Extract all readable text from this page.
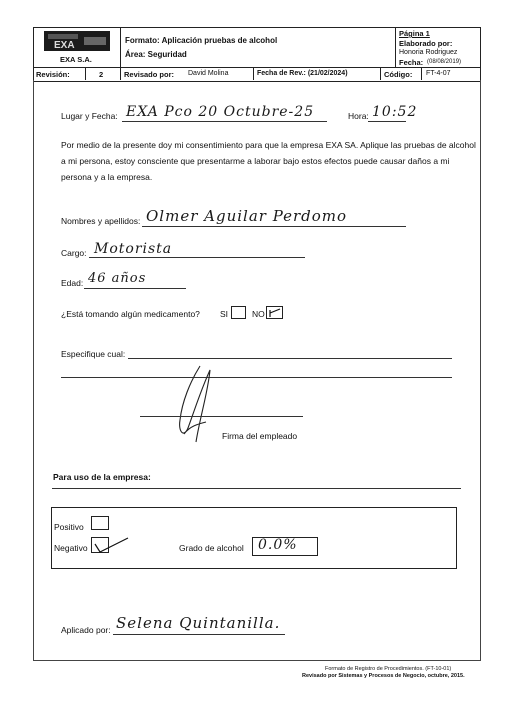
EXA
EXA S.A.
Formato: Aplicación pruebas de alcohol
Área: Seguridad
Página 1
Elaborado por:
Honoria Rodriguez
Fecha: (08/08/2019)
Revisión:	2	Revisado por: David Molina	Fecha de Rev.: (21/02/2024)	Código: FT-4-07
Lugar y Fecha: EXA Pco 20 Octubre-25	Hora: 10:52
Por medio de la presente doy mi consentimiento para que la empresa EXA SA. Aplique las pruebas de alcohol a mi persona, estoy consciente que presentarme a laborar bajo estos efectos puede causar daños a mi persona y a la empresa.
Nombres y apellidos: Olmer Aguilar Perdomo
Cargo: Motorista
Edad: 46 años
¿Está tomando algún medicamento? SI	NO
Especifique cual:
Firma del empleado
Para uso de la empresa:
Positivo
Negativo	Grado de alcohol 0.0%
Aplicado por: Selena Quintanilla.
Formato de Registro de Procedimientos. (FT-10-01)
Revisado por Sistemas y Procesos de Negocio, octubre, 2015.
